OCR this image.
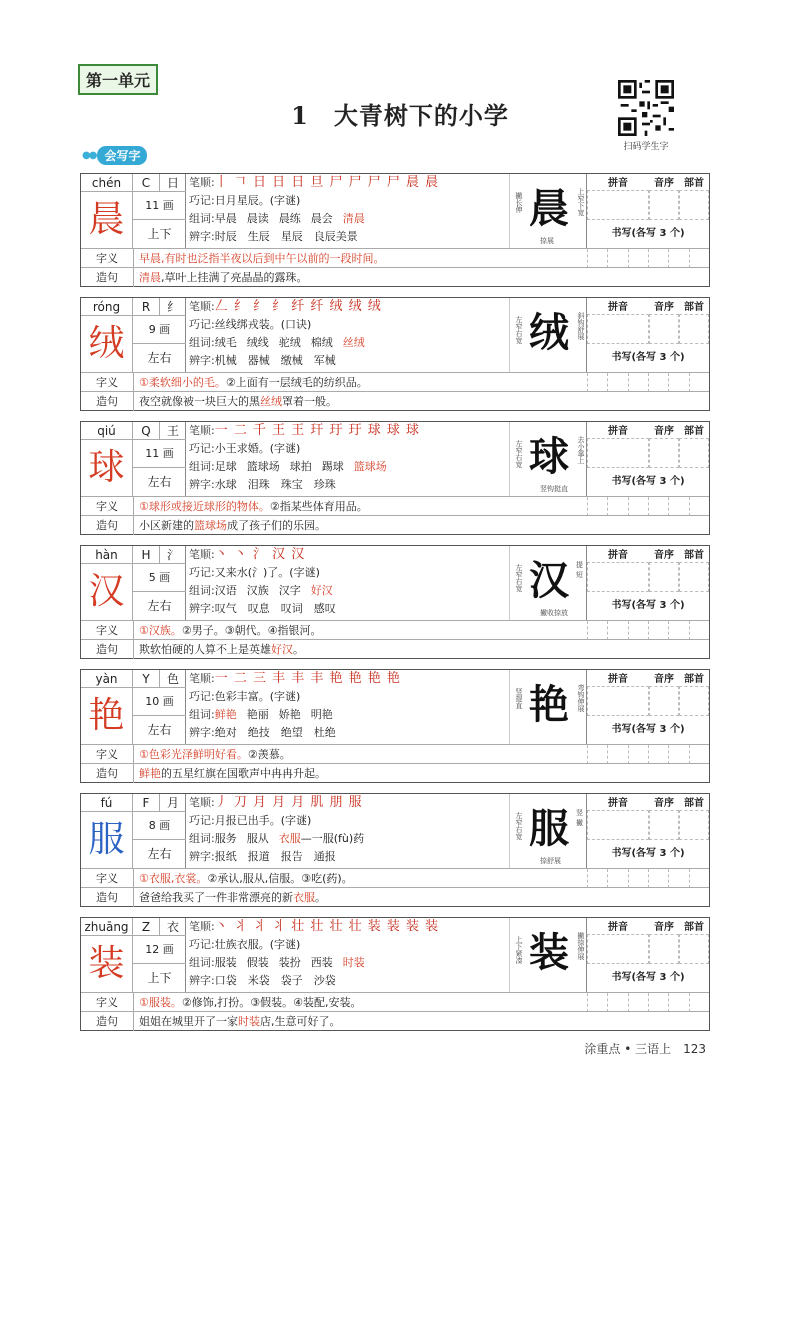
第一单元
1　大青树下的小学
扫码学生字
●● 会写字
chén	C	日
晨	11 画
上下
笔顺:丨 𠃍 日 日 日 旦 尸 尸 尸 尸 晨 晨
巧记:日月星辰。(字谜)
组词:早晨 晨读 晨练 晨会 清晨
辨字:时辰　生辰　星辰　良辰美景
晨
撇长伸	上窄下宽
捺展
拼音	音序	部首
书写(各写 3 个)
字义	早晨,有时也泛指半夜以后到中午以前的一段时间。
造句	清晨,草叶上挂满了亮晶晶的露珠。
róng	R	纟
绒	9 画
左右
笔顺:𠃋 纟 纟 纟 纤 纤 绒 绒 绒
巧记:丝线绑戎装。(口诀)
组词:绒毛 绒线 驼绒 棉绒 丝绒
辨字:机械　器械　缴械　军械
绒
左窄右宽	斜钩舒展
拼音	音序	部首
书写(各写 3 个)
字义	①柔软细小的毛。②上面有一层绒毛的纺织品。
造句	夜空就像被一块巨大的黑丝绒罩着一般。
qiú	Q	王
球	11 画
左右
笔顺:一 二 千 王 王 玕 玗 玗 球 球 球
巧记:小王求婚。(字谜)
组词:足球 篮球场 球拍 踢球 篮球场
辨字:水球　泪珠　珠宝　珍珠
球
左窄右宽	去小靠上
竖钩挺直
拼音	音序	部首
书写(各写 3 个)
字义	①球形或接近球形的物体。②指某些体育用品。
造句	小区新建的篮球场成了孩子们的乐园。
hàn	H	氵
汉	5 画
左右
笔顺:丶 丶 氵 汉 汉
巧记:又来水(氵)了。(字谜)
组词:汉语 汉族 汉字 好汉
辨字:叹气　叹息　叹词　感叹
汉
左窄右宽	提短
撇收捺放
拼音	音序	部首
书写(各写 3 个)
字义	①汉族。②男子。③朝代。④指银河。
造句	欺软怕硬的人算不上是英雄好汉。
yàn	Y	色
艳	10 画
左右
笔顺:一 二 三 丰 丰 丰 艳 艳 艳 艳
巧记:色彩丰富。(字谜)
组词:鲜艳 艳丽 娇艳 明艳
辨字:绝对　绝技　绝望　杜绝
艳
竖提直	弯钩伸展
拼音	音序	部首
书写(各写 3 个)
字义	①色彩光泽鲜明好看。②羡慕。
造句	鲜艳的五星红旗在国歌声中冉冉升起。
fú	F	月
服	8 画
左右
笔顺:丿 刀 月 月 月 肌 朋 服
巧记:月报已出手。(字谜)
组词:服务 服从 衣服—一服(fù)药
辨字:报纸　报道　报告　通报
服
左窄右宽	竖撇
捺舒展
拼音	音序	部首
书写(各写 3 个)
字义	①衣服,衣裳。②承认,服从,信服。③吃(药)。
造句	爸爸给我买了一件非常漂亮的新衣服。
zhuāng	Z	衣
装	12 画
上下
笔顺:丶 丬 丬 丬 壮 壮 壮 壮 装 装 装 装
巧记:壮族衣服。(字谜)
组词:服装 假装 装扮 西装 时装
辨字:口袋　米袋　袋子　沙袋
装
上下紧凑	撇捺伸展
拼音	音序	部首
书写(各写 3 个)
字义	①服装。②修饰,打扮。③假装。④装配,安装。
造句	姐姐在城里开了一家时装店,生意可好了。
涂重点 • 三语上　123
